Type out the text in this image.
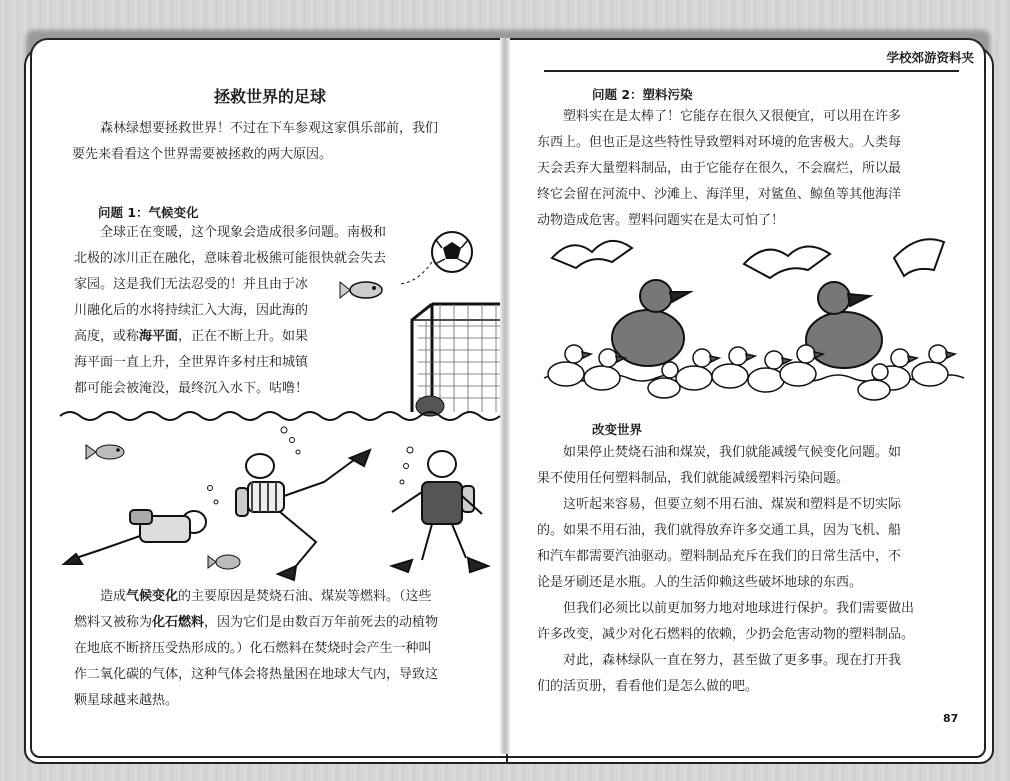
拯救世界的足球
森林绿想要拯救世界！不过在下车参观这家俱乐部前，我们
要先来看看这个世界需要被拯救的两大原因。
问题 1：气候变化
全球正在变暖，这个现象会造成很多问题。南极和
北极的冰川正在融化，意味着北极熊可能很快就会失去
家园。这是我们无法忍受的！并且由于冰
川融化后的水将持续汇入大海，因此海的
高度，或称海平面，正在不断上升。如果
海平面一直上升，全世界许多村庄和城镇
都可能会被淹没，最终沉入水下。咕噜！
造成气候变化的主要原因是焚烧石油、煤炭等燃料。（这些
燃料又被称为化石燃料，因为它们是由数百万年前死去的动植物
在地底不断挤压受热形成的。）化石燃料在焚烧时会产生一种叫
作二氧化碳的气体，这种气体会将热量困在地球大气内，导致这
颗星球越来越热。
学校郊游资料夹
问题 2：塑料污染
塑料实在是太棒了！它能存在很久又很便宜，可以用在许多
东西上。但也正是这些特性导致塑料对环境的危害极大。人类每
天会丢弃大量塑料制品，由于它能存在很久，不会腐烂，所以最
终它会留在河流中、沙滩上、海洋里，对鲨鱼、鲸鱼等其他海洋
动物造成危害。塑料问题实在是太可怕了！
改变世界
如果停止焚烧石油和煤炭，我们就能减缓气候变化问题。如
果不使用任何塑料制品，我们就能减缓塑料污染问题。
这听起来容易，但要立刻不用石油、煤炭和塑料是不切实际
的。如果不用石油，我们就得放弃许多交通工具，因为飞机、船
和汽车都需要汽油驱动。塑料制品充斥在我们的日常生活中，不
论是牙刷还是水瓶。人的生活仰赖这些破坏地球的东西。
但我们必须比以前更加努力地对地球进行保护。我们需要做出
许多改变，减少对化石燃料的依赖，少扔会危害动物的塑料制品。
对此，森林绿队一直在努力，甚至做了更多事。现在打开我
们的活页册，看看他们是怎么做的吧。
87
